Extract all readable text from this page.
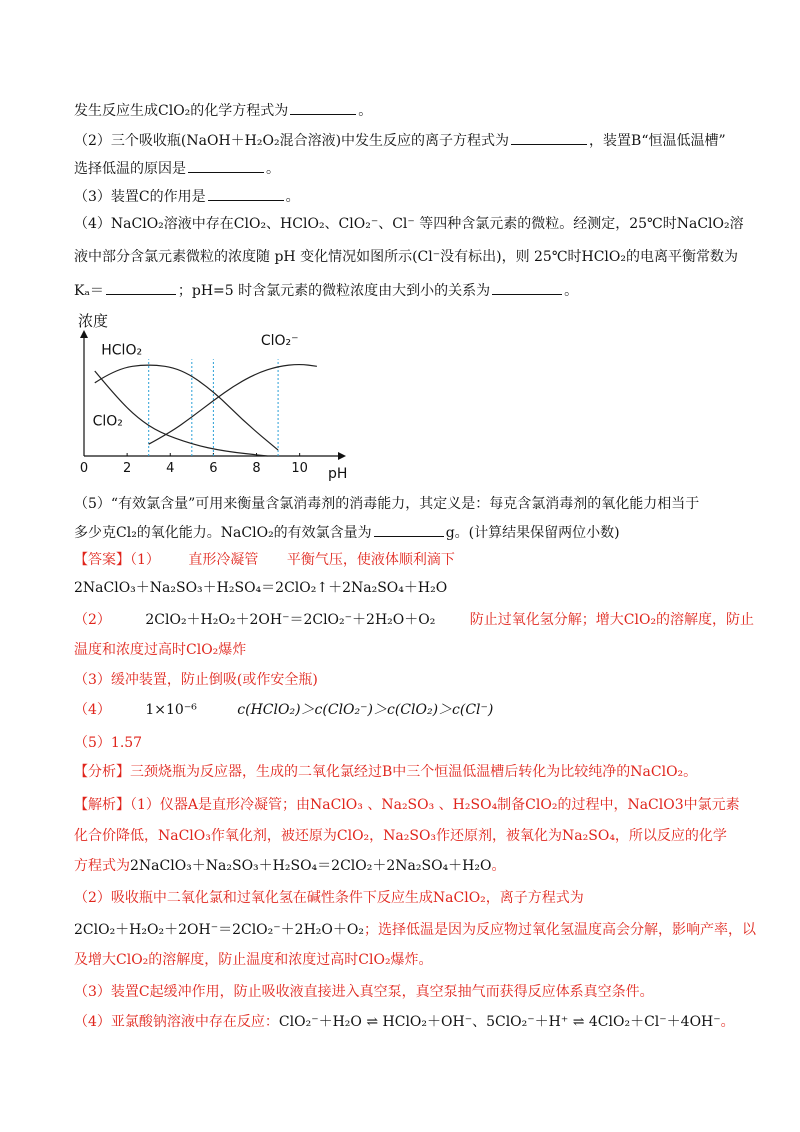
发生反应生成ClO₂的化学方程式为	。
（2）三个吸收瓶(NaOH＋H₂O₂混合溶液)中发生反应的离子方程式为	，装置B“恒温低温槽”
选择低温的原因是	。
（3）装置C的作用是	。
（4）NaClO₂溶液中存在ClO₂、HClO₂、ClO₂⁻、Cl⁻ 等四种含氯元素的微粒。经测定，25℃时NaClO₂溶
液中部分含氯元素微粒的浓度随 pH 变化情况如图所示(Cl⁻没有标出)，则 25℃时HClO₂的电离平衡常数为
Kₐ＝	；pH=5 时含氯元素的微粒浓度由大到小的关系为	。
浓度
pH
0	2	4	6	8 10
HClO₂
ClO₂⁻
ClO₂
（5）“有效氯含量”可用来衡量含氯消毒剂的消毒能力，其定义是：每克含氯消毒剂的氧化能力相当于
多少克Cl₂的氧化能力。NaClO₂的有效氯含量为	g。(计算结果保留两位小数)
【答案】（1） 直形冷凝管 平衡气压，使液体顺利滴下
2NaClO₃＋Na₂SO₃＋H₂SO₄＝2ClO₂↑＋2Na₂SO₄＋H₂O
（2） 2ClO₂＋H₂O₂＋2OH⁻＝2ClO₂⁻＋2H₂O＋O₂ 防止过氧化氢分解；增大ClO₂的溶解度，防止
温度和浓度过高时ClO₂爆炸
（3）缓冲装置，防止倒吸(或作安全瓶)
（4） 1×10⁻⁶	c(HClO₂)＞c(ClO₂⁻)＞c(ClO₂)＞c(Cl⁻)
（5）1.57
【分析】三颈烧瓶为反应器，生成的二氧化氯经过B中三个恒温低温槽后转化为比较纯净的NaClO₂。
【解析】（1）仪器A是直形冷凝管；由NaClO₃ 、Na₂SO₃ 、H₂SO₄制备ClO₂的过程中，NaClO3中氯元素
化合价降低，NaClO₃作氧化剂，被还原为ClO₂，Na₂SO₃作还原剂，被氧化为Na₂SO₄，所以反应的化学
方程式为2NaClO₃＋Na₂SO₃＋H₂SO₄＝2ClO₂＋2Na₂SO₄＋H₂O。
（2）吸收瓶中二氧化氯和过氧化氢在碱性条件下反应生成NaClO₂，离子方程式为
2ClO₂＋H₂O₂＋2OH⁻＝2ClO₂⁻＋2H₂O＋O₂；选择低温是因为反应物过氧化氢温度高会分解，影响产率，以
及增大ClO₂的溶解度，防止温度和浓度过高时ClO₂爆炸。
（3）装置C起缓冲作用，防止吸收液直接进入真空泵，真空泵抽气而获得反应体系真空条件。
（4）亚氯酸钠溶液中存在反应：ClO₂⁻＋H₂O ⇌ HClO₂＋OH⁻、5ClO₂⁻＋H⁺ ⇌ 4ClO₂＋Cl⁻＋4OH⁻。
